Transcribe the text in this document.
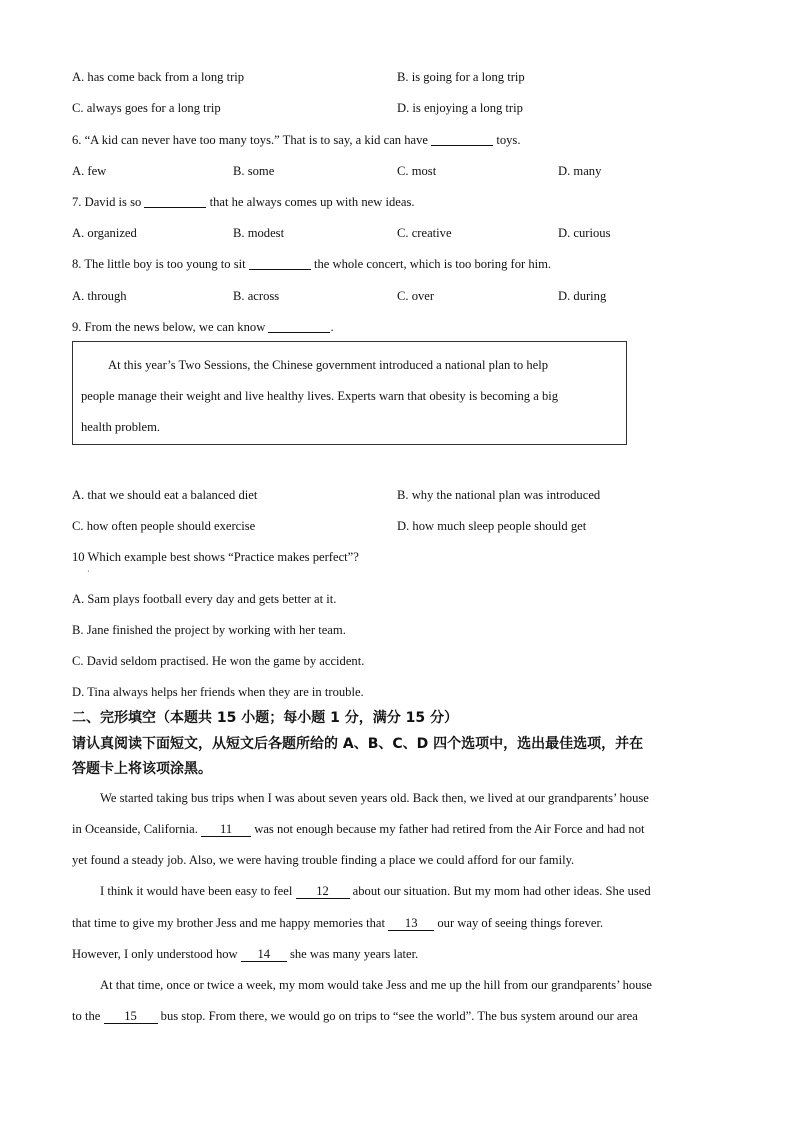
A. has come back from a long trip	B. is going for a long trip
C. always goes for a long trip	D. is enjoying a long trip
6. “A kid can never have too many toys.” That is to say, a kid can have	toys.
A. few	B. some	C. most	D. many
7. David is so	that he always comes up with new ideas.
A. organized	B. modest	C. creative	D. curious
8. The little boy is too young to sit	the whole concert, which is too boring for him.
A. through	B. across	C. over	D. during
9. From the news below, we can know	.

At this year’s Two Sessions, the Chinese government introduced a national plan to help

people manage their weight and live healthy lives. Experts warn that obesity is becoming a big

health problem.

A. that we should eat a balanced diet	B. why the national plan was introduced
C. how often people should exercise	D. how much sleep people should get
10 Which example best shows “Practice makes perfect”?
·
A. Sam plays football every day and gets better at it.
B. Jane finished the project by working with her team.
C. David seldom practised. He won the game by accident.
D. Tina always helps her friends when they are in trouble.
二、完形填空（本题共 15 小题；每小题 1 分，满分 15 分）
请认真阅读下面短文，从短文后各题所给的 A、B、C、D 四个选项中，选出最佳选项，并在
答题卡上将该项涂黑。
We started taking bus trips when I was about seven years old. Back then, we lived at our grandparents’ house
in Oceanside, California. 11 was not enough because my father had retired from the Air Force and had not
yet found a steady job. Also, we were having trouble finding a place we could afford for our family.
I think it would have been easy to feel 12 about our situation. But my mom had other ideas. She used
that time to give my brother Jess and me happy memories that 13 our way of seeing things forever.
However, I only understood how 14 she was many years later.
At that time, once or twice a week, my mom would take Jess and me up the hill from our grandparents’ house
to the 15 bus stop. From there, we would go on trips to “see the world”. The bus system around our area
